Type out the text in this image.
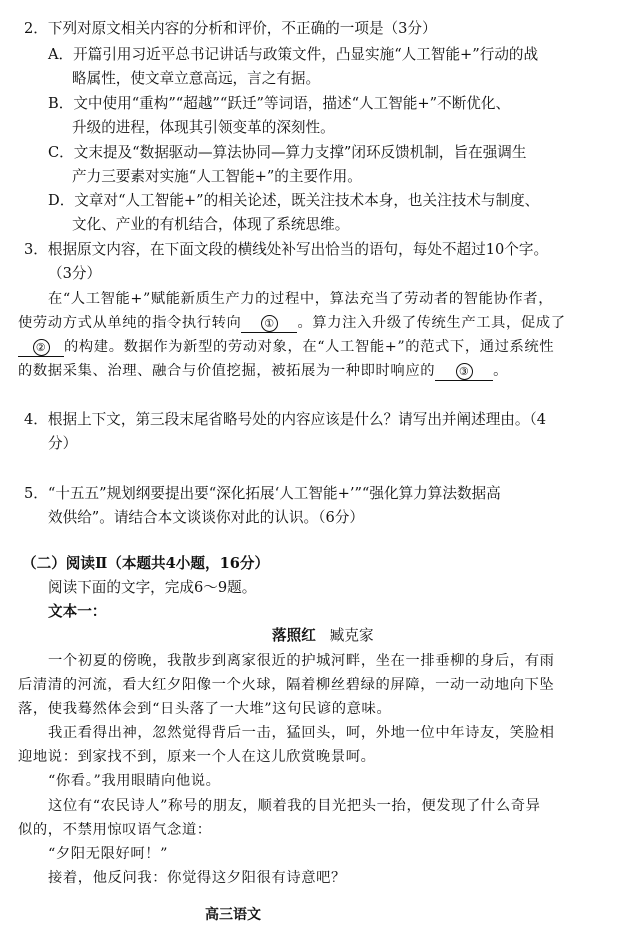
2．下列对原文相关内容的分析和评价，不正确的一项是（3分）
A．开篇引用习近平总书记讲话与政策文件，凸显实施“人工智能+”行动的战
略属性，使文章立意高远，言之有据。
B．文中使用“重构”“超越”“跃迁”等词语，描述“人工智能+”不断优化、
升级的进程，体现其引领变革的深刻性。
C．文末提及“数据驱动—算法协同—算力支撑”闭环反馈机制，旨在强调生
产力三要素对实施“人工智能+”的主要作用。
D．文章对“人工智能+”的相关论述，既关注技术本身，也关注技术与制度、
文化、产业的有机结合，体现了系统思维。
3．根据原文内容，在下面文段的横线处补写出恰当的语句，每处不超过10个字。
（3分）
在“人工智能+”赋能新质生产力的过程中，算法充当了劳动者的智能协作者，
使劳动方式从单纯的指令执行转向 ① 。算力注入升级了传统生产工具，促成了
② 的构建。数据作为新型的劳动对象，在“人工智能+”的范式下，通过系统性
的数据采集、治理、融合与价值挖掘，被拓展为一种即时响应的 ③ 。
4．根据上下文，第三段末尾省略号处的内容应该是什么？请写出并阐述理由。（4
分）
5．“十五五”规划纲要提出要“深化拓展‘人工智能+’”“强化算力算法数据高
效供给”。请结合本文谈谈你对此的认识。（6分）
（二）阅读Ⅱ（本题共4小题，16分）
阅读下面的文字，完成6～9题。
文本一：
落照红 臧克家
一个初夏的傍晚，我散步到离家很近的护城河畔，坐在一排垂柳的身后，有雨
后清清的河流，看大红夕阳像一个火球，隔着柳丝碧绿的屏障，一动一动地向下坠
落，使我蓦然体会到“日头落了一大堆”这句民谚的意味。
我正看得出神，忽然觉得背后一击，猛回头，呵，外地一位中年诗友，笑脸相
迎地说：到家找不到，原来一个人在这儿欣赏晚景呵。
“你看。”我用眼睛向他说。
这位有“农民诗人”称号的朋友，顺着我的目光把头一抬，便发现了什么奇异
似的，不禁用惊叹语气念道：
“夕阳无限好呵！”
接着，他反问我：你觉得这夕阳很有诗意吧？
高三语文
